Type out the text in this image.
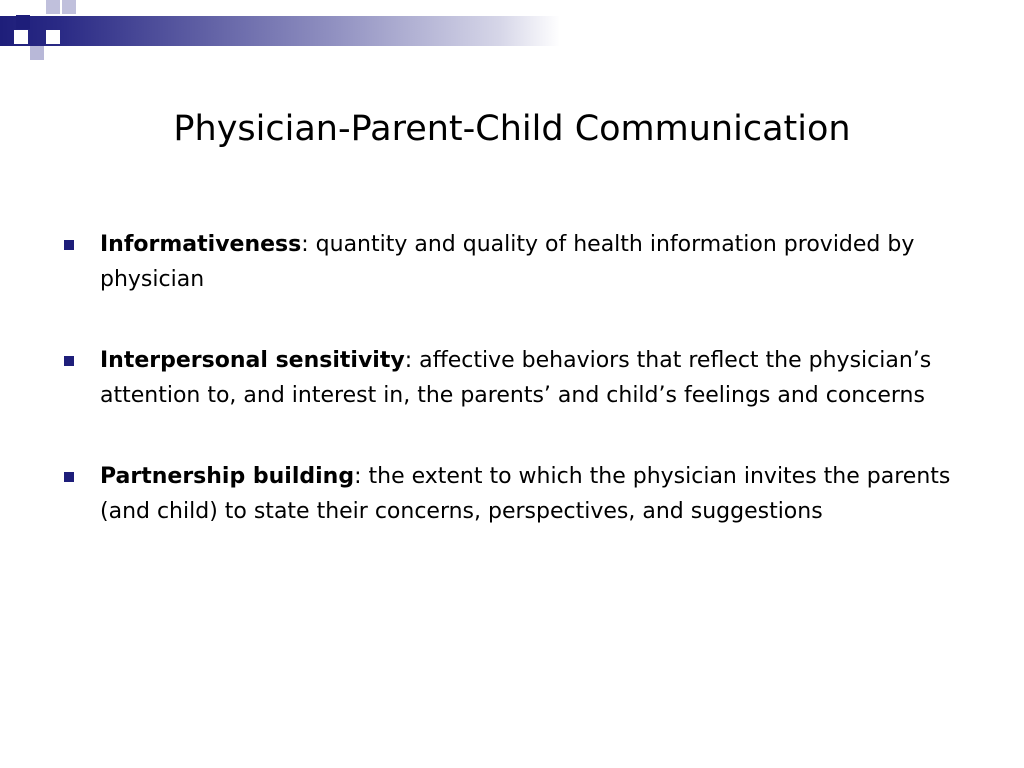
Physician-Parent-Child Communication
Informativeness: quantity and quality of health information provided by physician
Interpersonal sensitivity: affective behaviors that reflect the physician’s attention to, and interest in, the parents’ and child’s feelings and concerns
Partnership building: the extent to which the physician invites the parents (and child) to state their concerns, perspectives, and suggestions
